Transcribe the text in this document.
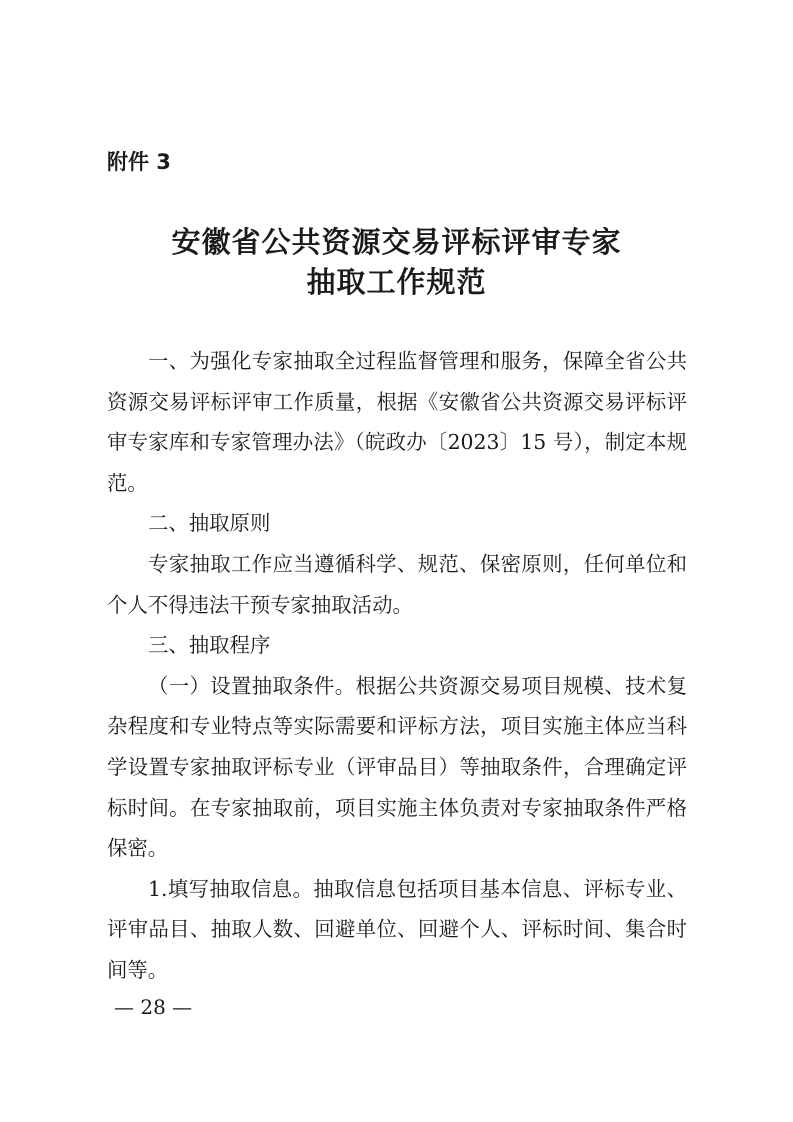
附件 3
安徽省公共资源交易评标评审专家
抽取工作规范

一、为强化专家抽取全过程监督管理和服务，保障全省公共资源交易评标评审工作质量，根据《安徽省公共资源交易评标评审专家库和专家管理办法》（皖政办〔2023〕15 号），制定本规范。

二、抽取原则

专家抽取工作应当遵循科学、规范、保密原则，任何单位和个人不得违法干预专家抽取活动。

三、抽取程序

（一）设置抽取条件。根据公共资源交易项目规模、技术复杂程度和专业特点等实际需要和评标方法，项目实施主体应当科学设置专家抽取评标专业（评审品目）等抽取条件，合理确定评标时间。在专家抽取前，项目实施主体负责对专家抽取条件严格保密。

1.填写抽取信息。抽取信息包括项目基本信息、评标专业、评审品目、抽取人数、回避单位、回避个人、评标时间、集合时间等。

— 28 —
